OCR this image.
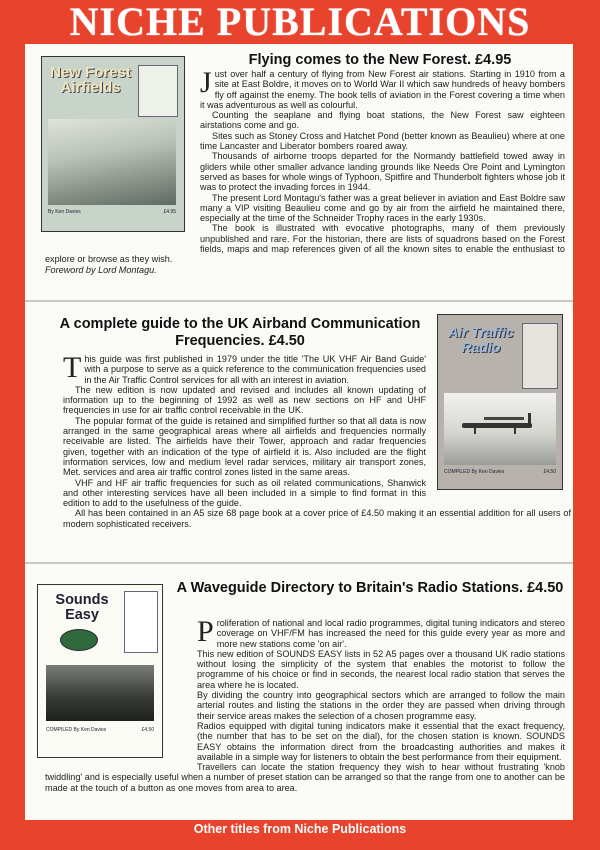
NICHE PUBLICATIONS
New Forest Airfields
By Ken Davies	£4.95
Flying comes to the New Forest. £4.95

Just over half a century of flying from New Forest air stations. Starting in 1910 from a site at East Boldre, it moves on to World War II which saw hundreds of heavy bombers fly off against the enemy. The book tells of aviation in the Forest covering a time when it was adventurous as well as colourful.

Counting the seaplane and flying boat stations, the New Forest saw eighteen airstations come and go.

Sites such as Stoney Cross and Hatchet Pond (better known as Beaulieu) where at one time Lancaster and Liberator bombers roared away.

Thousands of airborne troops departed for the Normandy battlefield towed away in gliders while other smaller advance landing grounds like Needs Ore Point and Lymington served as bases for whole wings of Typhoon, Spitfire and Thunderbolt fighters whose job it was to protect the invading forces in 1944.

The present Lord Montagu's father was a great believer in aviation and East Boldre saw many a VIP visiting Beaulieu come and go by air from the airfield he maintained there, especially at the time of the Schneider Trophy races in the early 1930s.

The book is illustrated with evocative photographs, many of them previously unpublished and rare. For the historian, there are lists of squadrons based on the Forest fields, maps and map references given of all the known sites to enable the enthusiast to explore or browse as they wish.

Foreword by Lord Montagu.

Air Traffic Radio
COMPILED By Ken Davies	£4.50
A complete guide to the UK Airband Communication Frequencies. £4.50

This guide was first published in 1979 under the title 'The UK VHF Air Band Guide' with a purpose to serve as a quick reference to the communication frequencies used in the Air Traffic Control services for all with an interest in aviation.

The new edition is now updated and revised and includes all known updating of information up to the beginning of 1992 as well as new sections on HF and UHF frequencies in use for air traffic control receivable in the UK.

The popular format of the guide is retained and simplified further so that all data is now arranged in the same geographical areas where all airfields and frequencies normally receivable are listed. The airfields have their Tower, approach and radar frequencies given, together with an indication of the type of airfield it is. Also included are the flight information services, low and medium level radar services, military air transport zones, Met. services and area air traffic control zones listed in the same areas.

VHF and HF air traffic frequencies for such as oil related communications, Shanwick and other interesting services have all been included in a simple to find format in this edition to add to the usefulness of the guide.

All has been contained in an A5 size 68 page book at a cover price of £4.50 making it an essential addition for all users of modern sophisticated receivers.

Sounds Easy
COMPILED By Ken Davies	£4.50
A Waveguide Directory to Britain's Radio Stations. £4.50

Proliferation of national and local radio programmes, digital tuning indicators and stereo coverage on VHF/FM has increased the need for this guide every year as more and more new stations come 'on air'.

This new edition of SOUNDS EASY lists in 52 A5 pages over a thousand UK radio stations without losing the simplicity of the system that enables the motorist to follow the programme of his choice or find in seconds, the nearest local radio station that serves the area where he is located.

By dividing the country into geographical sectors which are arranged to follow the main arterial routes and listing the stations in the order they are passed when driving through their service areas makes the selection of a chosen programme easy.

Radios equipped with digital tuning indicators make it essential that the exact frequency, (the number that has to be set on the dial), for the chosen station is known. SOUNDS EASY obtains the information direct from the broadcasting authorities and makes it available in a simple way for listeners to obtain the best performance from their equipment.

Travellers can locate the station frequency they wish to hear without frustrating 'knob twiddling' and is especially useful when a number of preset station can be arranged so that the range from one to another can be made at the touch of a button as one moves from area to area.

Other titles from Niche Publications
